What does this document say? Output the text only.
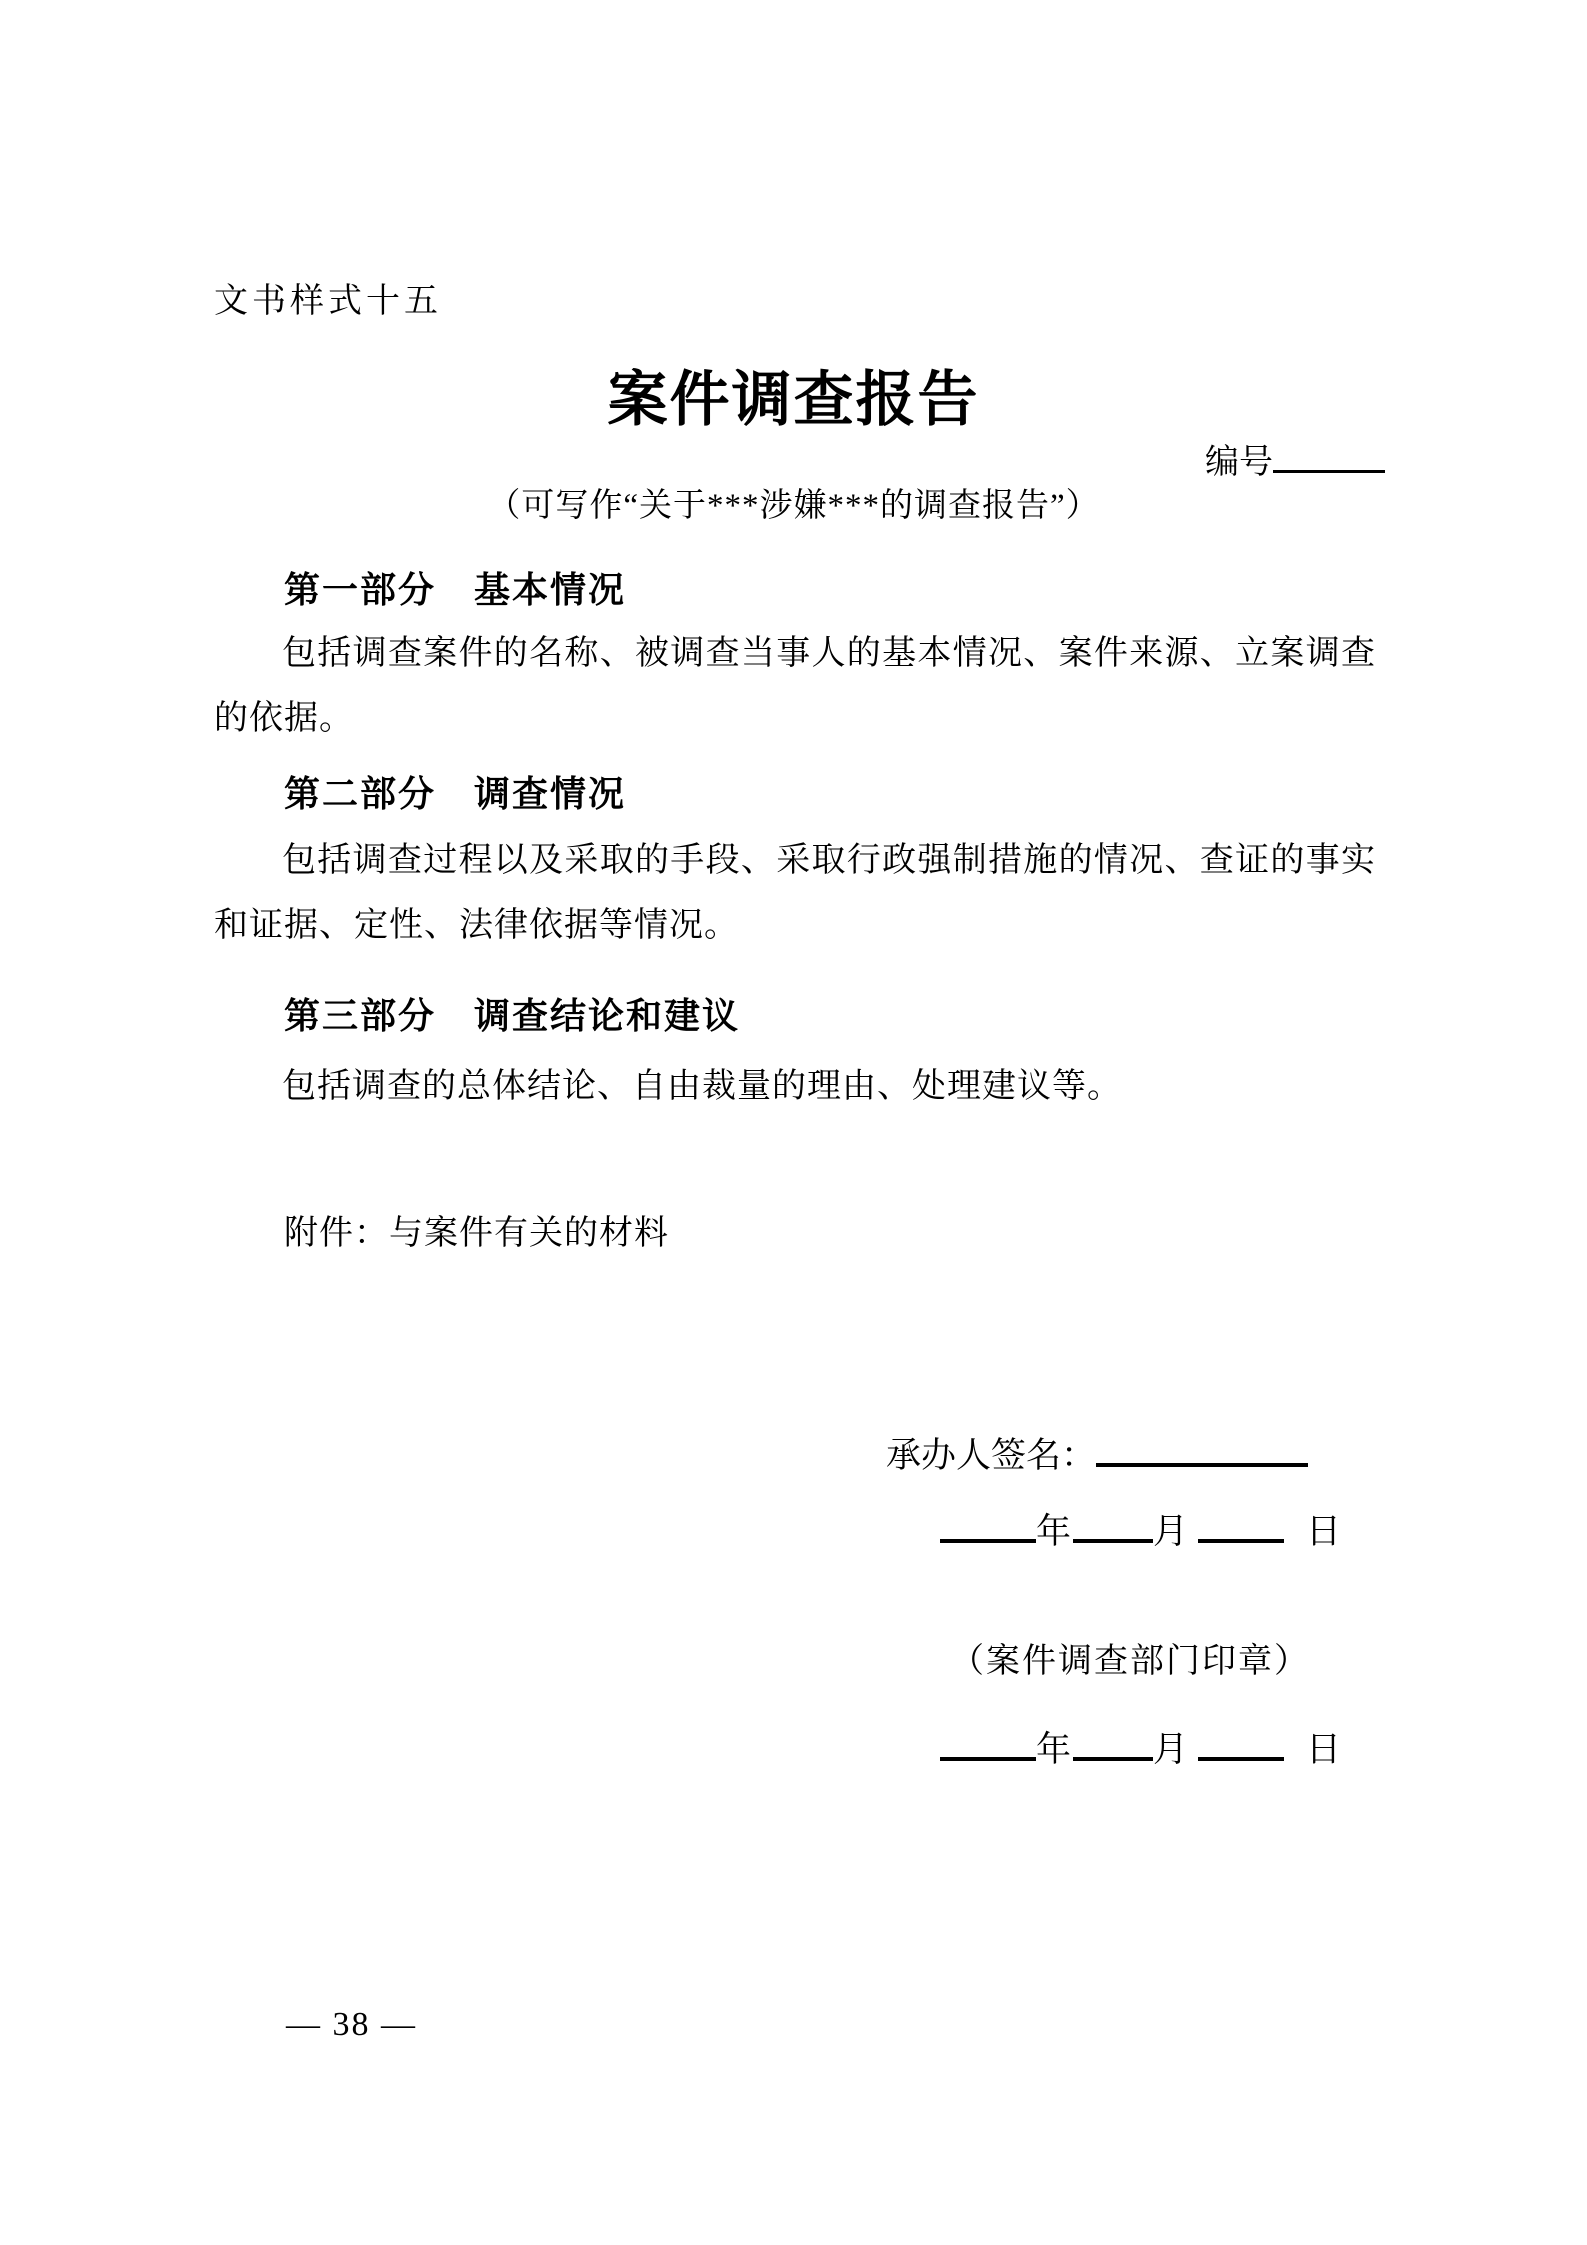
文书样式十五
案件调查报告
编号
（可写作“关于***涉嫌***的调查报告”）
第一部分　基本情况
包括调查案件的名称、被调查当事人的基本情况、案件来源、立案调查的依据。
第二部分　调查情况
包括调查过程以及采取的手段、采取行政强制措施的情况、查证的事实和证据、定性、法律依据等情况。
第三部分　调查结论和建议
包括调查的总体结论、自由裁量的理由、处理建议等。
附件：与案件有关的材料
承办人签名：
年 月	日
（案件调查部门印章）
年 月	日
— 38 —
